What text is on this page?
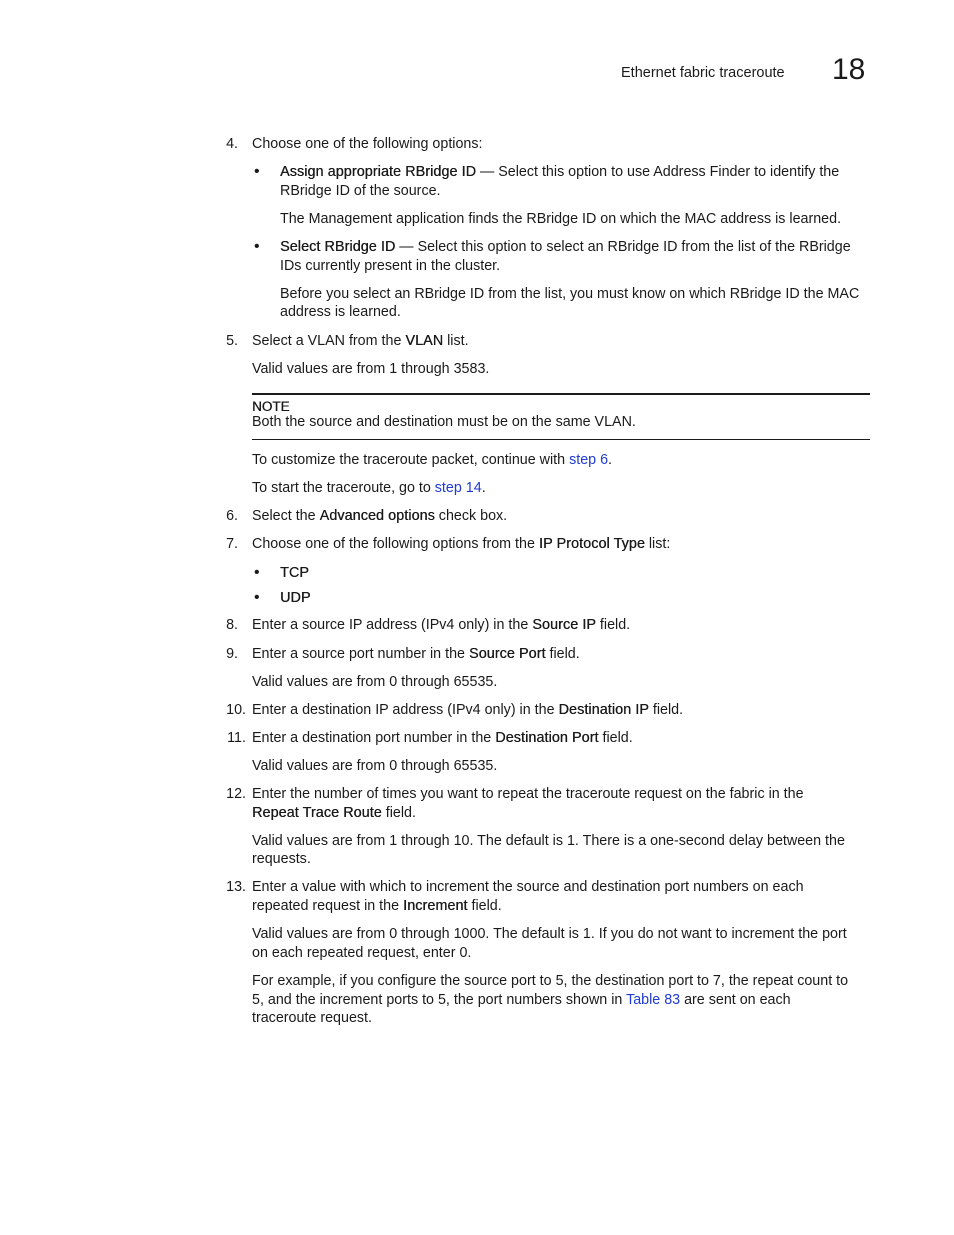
Ethernet fabric traceroute 18
4. Choose one of the following options:
• Assign appropriate RBridge ID — Select this option to use Address Finder to identify the
RBridge ID of the source.
The Management application finds the RBridge ID on which the MAC address is learned.
• Select RBridge ID — Select this option to select an RBridge ID from the list of the RBridge
IDs currently present in the cluster.
Before you select an RBridge ID from the list, you must know on which RBridge ID the MAC
address is learned.
5. Select a VLAN from the VLAN list.
Valid values are from 1 through 3583.
NOTE
Both the source and destination must be on the same VLAN.
To customize the traceroute packet, continue with step 6.
To start the traceroute, go to step 14.
6. Select the Advanced options check box.
7. Choose one of the following options from the IP Protocol Type list:
• TCP
• UDP
8. Enter a source IP address (IPv4 only) in the Source IP field.
9. Enter a source port number in the Source Port field.
Valid values are from 0 through 65535.
10. Enter a destination IP address (IPv4 only) in the Destination IP field.
11. Enter a destination port number in the Destination Port field.
Valid values are from 0 through 65535.
12. Enter the number of times you want to repeat the traceroute request on the fabric in the
Repeat Trace Route field.
Valid values are from 1 through 10. The default is 1. There is a one-second delay between the
requests.
13. Enter a value with which to increment the source and destination port numbers on each
repeated request in the Increment field.
Valid values are from 0 through 1000. The default is 1. If you do not want to increment the port
on each repeated request, enter 0.
For example, if you configure the source port to 5, the destination port to 7, the repeat count to
5, and the increment ports to 5, the port numbers shown in Table 83 are sent on each
traceroute request.
